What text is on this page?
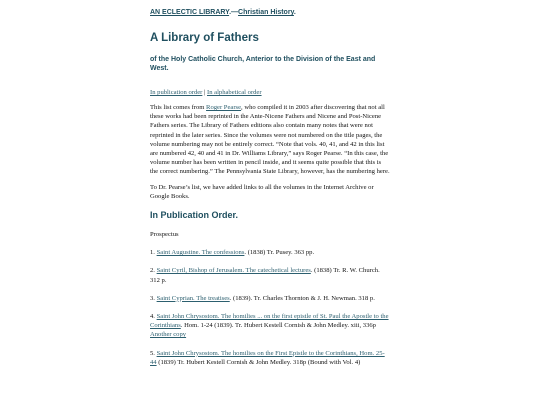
AN ECLECTIC LIBRARY.—Christian History.

A Library of Fathers

of the Holy Catholic Church, Anterior to the Division of the East and West.

In publication order | In alphabetical order

This list comes from Roger Pearse, who compiled it in 2003 after discovering that not all these works had been reprinted in the Ante-Nicene Fathers and Nicene and Post-Nicene Fathers series. The Library of Fathers editions also contain many notes that were not reprinted in the later series. Since the volumes were not numbered on the title pages, the volume numbering may not be entirely correct. “Note that vols. 40, 41, and 42 in this list are numbered 42, 40 and 41 in Dr. Williams Library,” says Roger Pearse. “In this case, the volume number has been written in pencil inside, and it seems quite possible that this is the correct numbering.” The Pennsylvania State Library, however, has the numbering here.

To Dr. Pearse’s list, we have added links to all the volumes in the Internet Archive or Google Books.

In Publication Order.

Prospectus

1. Saint Augustine. The confessions. (1838) Tr. Pusey. 363 pp.

2. Saint Cyril, Bishop of Jerusalem. The catechetical lectures. (1838) Tr. R. W. Church. 312 p.

3. Saint Cyprian. The treatises. (1839). Tr. Charles Thornton & J. H. Newman. 318 p.

4. Saint John Chrysostom. The homilies ... on the first epistle of St. Paul the Apostle to the Corinthians. Hom. 1-24 (1839). Tr. Hubert Kestell Cornish & John Medley. xiii, 336p
Another copy

5. Saint John Chrysostom. The homilies on the First Epistle to the Corinthians, Hom. 25-44 (1839) Tr. Hubert Kestell Cornish & John Medley. 318p (Bound with Vol. 4)
